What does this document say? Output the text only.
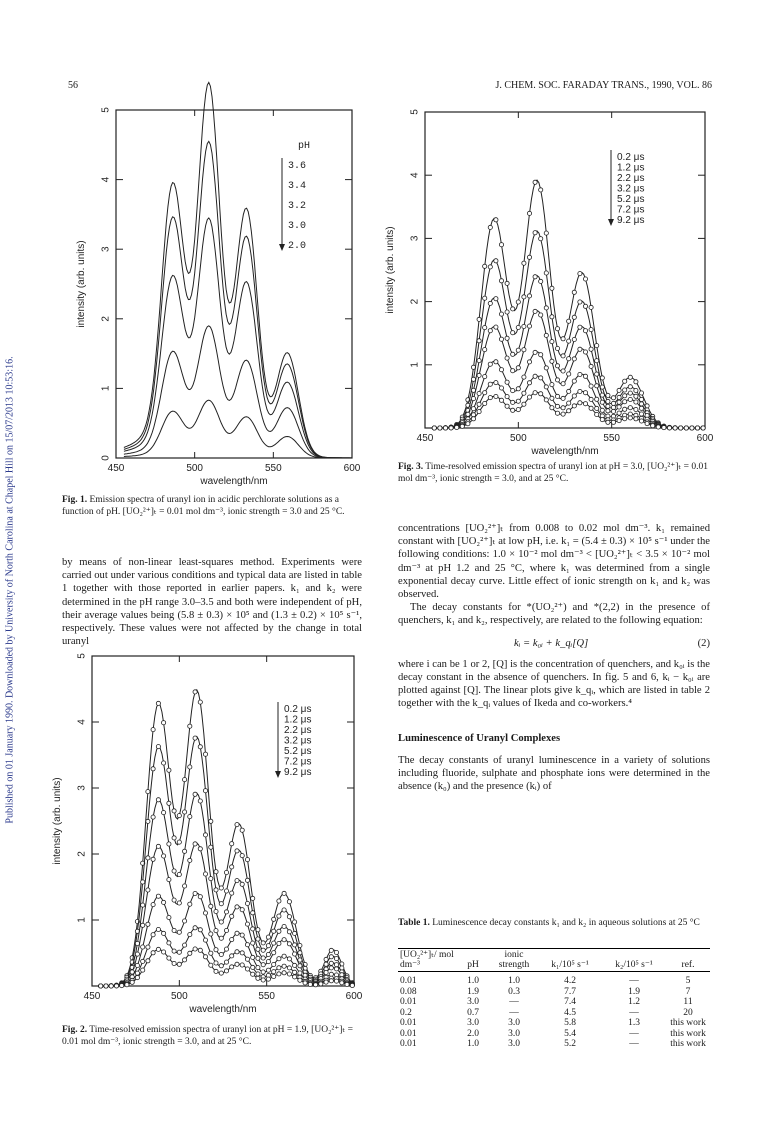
56	J. CHEM. SOC. FARADAY TRANS., 1990, VOL. 86
Published on 01 January 1990. Downloaded by University of North Carolina at Chapel Hill on 15/07/2013 10:53:16.	450	500	550	600
0
1
2
3
4
5
wavelength/nm
intensity (arb. units)
pH
3.6
3.4
3.2
3.0
2.0
Fig. 1. Emission spectra of uranyl ion in acidic perchlorate solutions as a function of pH. [UO₂²⁺]ₜ = 0.01 mol dm⁻³, ionic strength = 3.0 and 25 °C.

by means of non-linear least-squares method. Experiments were carried out under various conditions and typical data are listed in table 1 together with those reported in earlier papers. k₁ and k₂ were determined in the pH range 3.0–3.5 and both were independent of pH, their average values being (5.8 ± 0.3) × 10⁵ and (1.3 ± 0.2) × 10⁵ s⁻¹, respectively. These values were not affected by the change in total uranyl

450	500	550	600
1
2
3
4
5
wavelength/nm
intensity (arb. units)
0.2 μs
1.2 μs
2.2 μs
3.2 μs
5.2 μs
7.2 μs
9.2 μs
Fig. 2. Time-resolved emission spectra of uranyl ion at pH = 1.9, [UO₂²⁺]ₜ = 0.01 mol dm⁻³, ionic strength = 3.0, and at 25 °C.
450	500	550	600
1
2
3
4
5
wavelength/nm
intensity (arb. units)
0.2 μs
1.2 μs
2.2 μs
3.2 μs
5.2 μs
7.2 μs
9.2 μs
Fig. 3. Time-resolved emission spectra of uranyl ion at pH = 3.0, [UO₂²⁺]ₜ = 0.01 mol dm⁻³, ionic strength = 3.0, and at 25 °C.

concentrations [UO₂²⁺]ₜ from 0.008 to 0.02 mol dm⁻³. k₁ remained constant with [UO₂²⁺]ₜ at low pH, i.e. k₁ = (5.4 ± 0.3) × 10⁵ s⁻¹ under the following conditions: 1.0 × 10⁻² mol dm⁻³ < [UO₂²⁺]ₜ < 3.5 × 10⁻² mol dm⁻³ at pH 1.2 and 25 °C, where k₁ was determined from a single exponential decay curve. Little effect of ionic strength on k₁ and k₂ was observed.

The decay constants for *(UO₂²⁺) and *(2,2) in the presence of quenchers, k₁ and k₂, respectively, are related to the following equation:

kᵢ = k₀ᵢ + k_qᵢ[Q]	(2)

where i can be 1 or 2, [Q] is the concentration of quenchers, and k₀ᵢ is the decay constant in the absence of quenchers. In fig. 5 and 6, kᵢ − k₀ᵢ are plotted against [Q]. The linear plots give k_qᵢ, which are listed in table 2 together with the k_qᵢ values of Ikeda and co-workers.⁴

Luminescence of Uranyl Complexes

The decay constants of uranyl luminescence in a variety of solutions including fluoride, sulphate and phosphate ions were determined in the absence (k₀) and the presence (kᵢ) of

Table 1. Luminescence decay constants k₁ and k₂ in aqueous solutions at 25 °C
[UO₂²⁺]ₜ/ mol dm⁻³	pH	ionic strength	k₁/10⁵ s⁻¹	k₂/10⁵ s⁻¹	ref.

0.01	1.0	1.0	4.2	—	5
0.08	1.9	0.3	7.7	1.9	7
0.01	3.0	—	7.4	1.2	11
0.2	0.7	—	4.5	—	20
0.01	3.0	3.0	5.8	1.3	this work
0.01	2.0	3.0	5.4	—	this work
0.01	1.0	3.0	5.2	—	this work
